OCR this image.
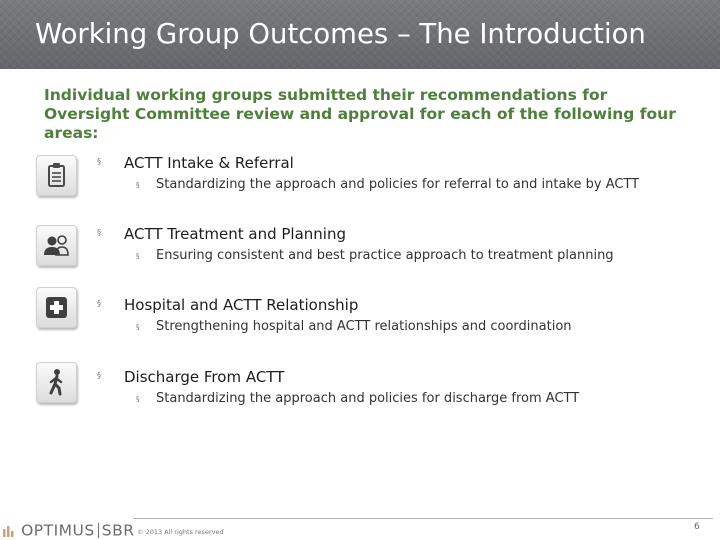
Working Group Outcomes – The Introduction

Individual working groups submitted their recommendations for Oversight Committee review and approval for each of the following four areas:

§ ACTT Intake & Referral
§ Standardizing the approach and policies for referral to and intake by ACTT

§ ACTT Treatment and Planning
§ Ensuring consistent and best practice approach to treatment planning

§ Hospital and ACTT Relationship
§ Strengthening hospital and ACTT relationships and coordination

§ Discharge From ACTT
§ Standardizing the approach and policies for discharge from ACTT

OPTIMUS SBR © 2013 All rights reserved	6
